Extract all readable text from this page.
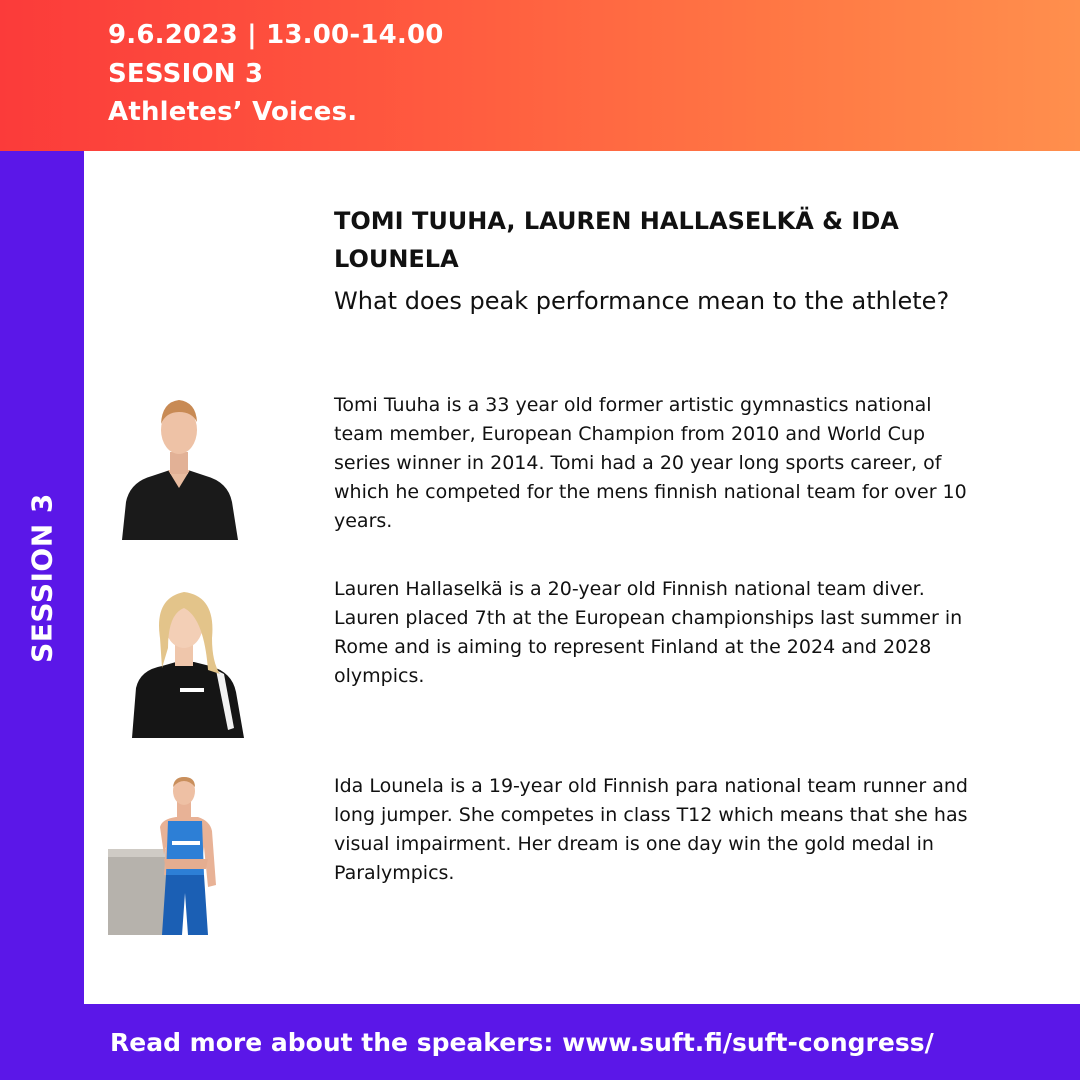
9.6.2023 | 13.00-14.00
SESSION 3
Athletes’ Voices.
SESSION 3
TOMI TUUHA, LAUREN HALLASELKÄ & IDA LOUNELA
What does peak performance mean to the athlete?
Tomi Tuuha is a 33 year old former artistic gymnastics national team member, European Champion from 2010 and World Cup series winner in 2014. Tomi had a 20 year long sports career, of which he competed for the mens finnish national team for over 10 years.
Lauren Hallaselkä is a 20-year old Finnish national team diver. Lauren placed 7th at the European championships last summer in Rome and is aiming to represent Finland at the 2024 and 2028 olympics.
Ida Lounela is a 19-year old Finnish para national team runner and long jumper. She competes in class T12 which means that she has visual impairment. Her dream is one day win the gold medal in Paralympics.
Read more about the speakers: www.suft.fi/suft-congress/
